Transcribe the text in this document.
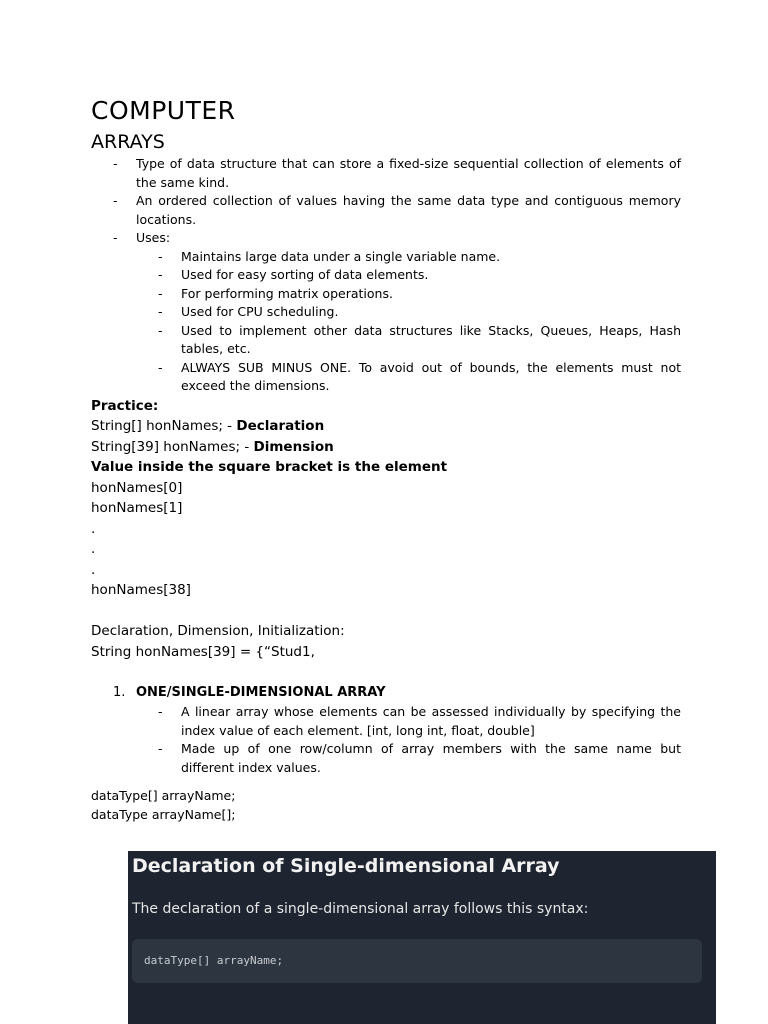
COMPUTER
ARRAYS
- Type of data structure that can store a fixed-size sequential collection of elements of the same kind.
- An ordered collection of values having the same data type and contiguous memory locations.
- Uses:
- Maintains large data under a single variable name.
- Used for easy sorting of data elements.
- For performing matrix operations.
- Used for CPU scheduling.
- Used to implement other data structures like Stacks, Queues, Heaps, Hash tables, etc.
- ALWAYS SUB MINUS ONE. To avoid out of bounds, the elements must not exceed the dimensions.

Practice:

String[] honNames; - Declaration

String[39] honNames; - Dimension

Value inside the square bracket is the element

honNames[0]

honNames[1]

.

.

.

honNames[38]

Declaration, Dimension, Initialization:

String honNames[39] = {“Stud1,

1. ONE/SINGLE-DIMENSIONAL ARRAY
- A linear array whose elements can be assessed individually by specifying the index value of each element. [int, long int, float, double]
- Made up of one row/column of array members with the same name but different index values.
dataType[] arrayName;
dataType arrayName[];
Declaration of Single-dimensional Array
The declaration of a single-dimensional array follows this syntax:
dataType[] arrayName;
